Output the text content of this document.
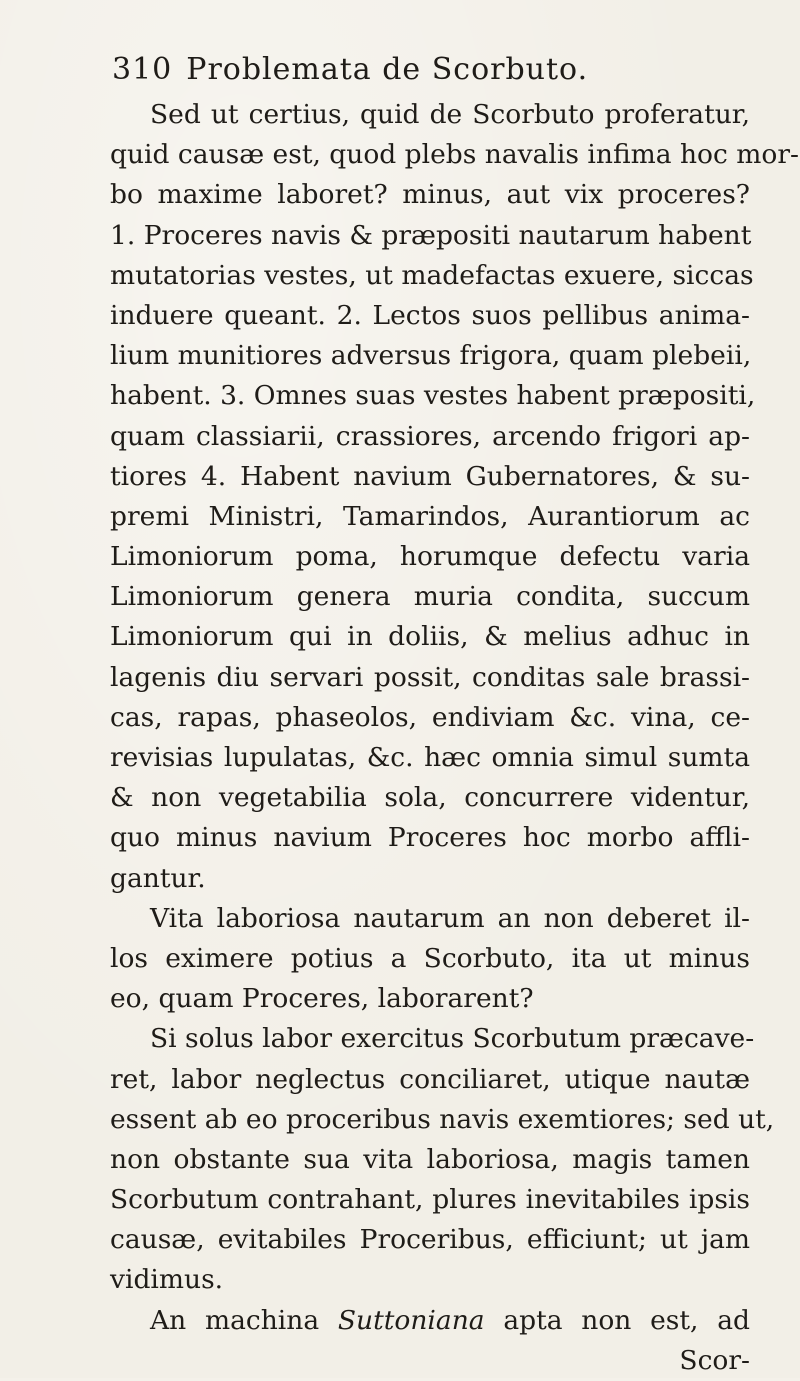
310 Problemata de Scorbuto.
Sed ut certius, quid de Scorbuto proferatur,
quid causæ est, quod plebs navalis infima hoc mor-
bo maxime laboret? minus, aut vix proceres?
1. Proceres navis & præpositi nautarum habent
mutatorias vestes, ut madefactas exuere, siccas
induere queant. 2. Lectos suos pellibus anima-
lium munitiores adversus frigora, quam plebeii,
habent. 3. Omnes suas vestes habent præpositi,
quam classiarii, crassiores, arcendo frigori ap-
tiores 4. Habent navium Gubernatores, & su-
premi Ministri, Tamarindos, Aurantiorum ac
Limoniorum poma, horumque defectu varia
Limoniorum genera muria condita, succum
Limoniorum qui in doliis, & melius adhuc in
lagenis diu servari possit, conditas sale brassi-
cas, rapas, phaseolos, endiviam &c. vina, ce-
revisias lupulatas, &c. hæc omnia simul sumta
& non vegetabilia sola, concurrere videntur,
quo minus navium Proceres hoc morbo affli-
gantur.
Vita laboriosa nautarum an non deberet il-
los eximere potius a Scorbuto, ita ut minus
eo, quam Proceres, laborarent?
Si solus labor exercitus Scorbutum præcave-
ret, labor neglectus conciliaret, utique nautæ
essent ab eo proceribus navis exemtiores; sed ut,
non obstante sua vita laboriosa, magis tamen
Scorbutum contrahant, plures inevitabiles ipsis
causæ, evitabiles Proceribus, efficiunt; ut jam
vidimus.
An machina Suttoniana apta non est, ad
Scor-
